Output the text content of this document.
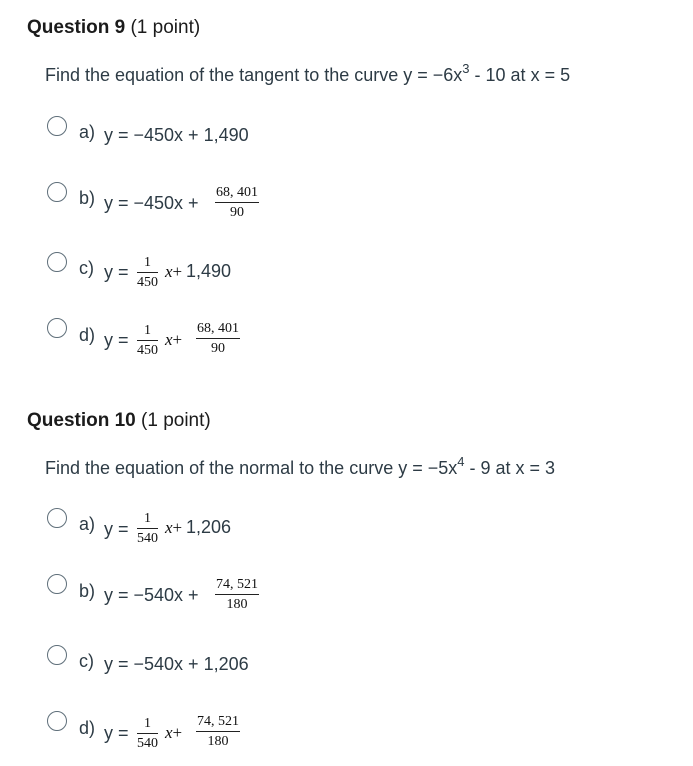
Question 9 (1 point)
Find the equation of the tangent to the curve $y = -6x^3 - 10$ at x = 5
a) y = −450x + 1,490
b) $y = -450x + \frac{68, 401}{90}$
c) $y = \frac{1}{450} x+ 1,490$
d) $y = \frac{1}{450} x+ \frac{68, 401}{90}$
Question 10 (1 point)
Find the equation of the normal to the curve $y = -5x^4 - 9$ at x = 3
a) $y = \frac{1}{540} x+ 1,206$
b) $y = -540x + \frac{74, 521}{180}$
c) y = −540x + 1,206
d) $y = \frac{1}{540} x+ \frac{74, 521}{180}$
